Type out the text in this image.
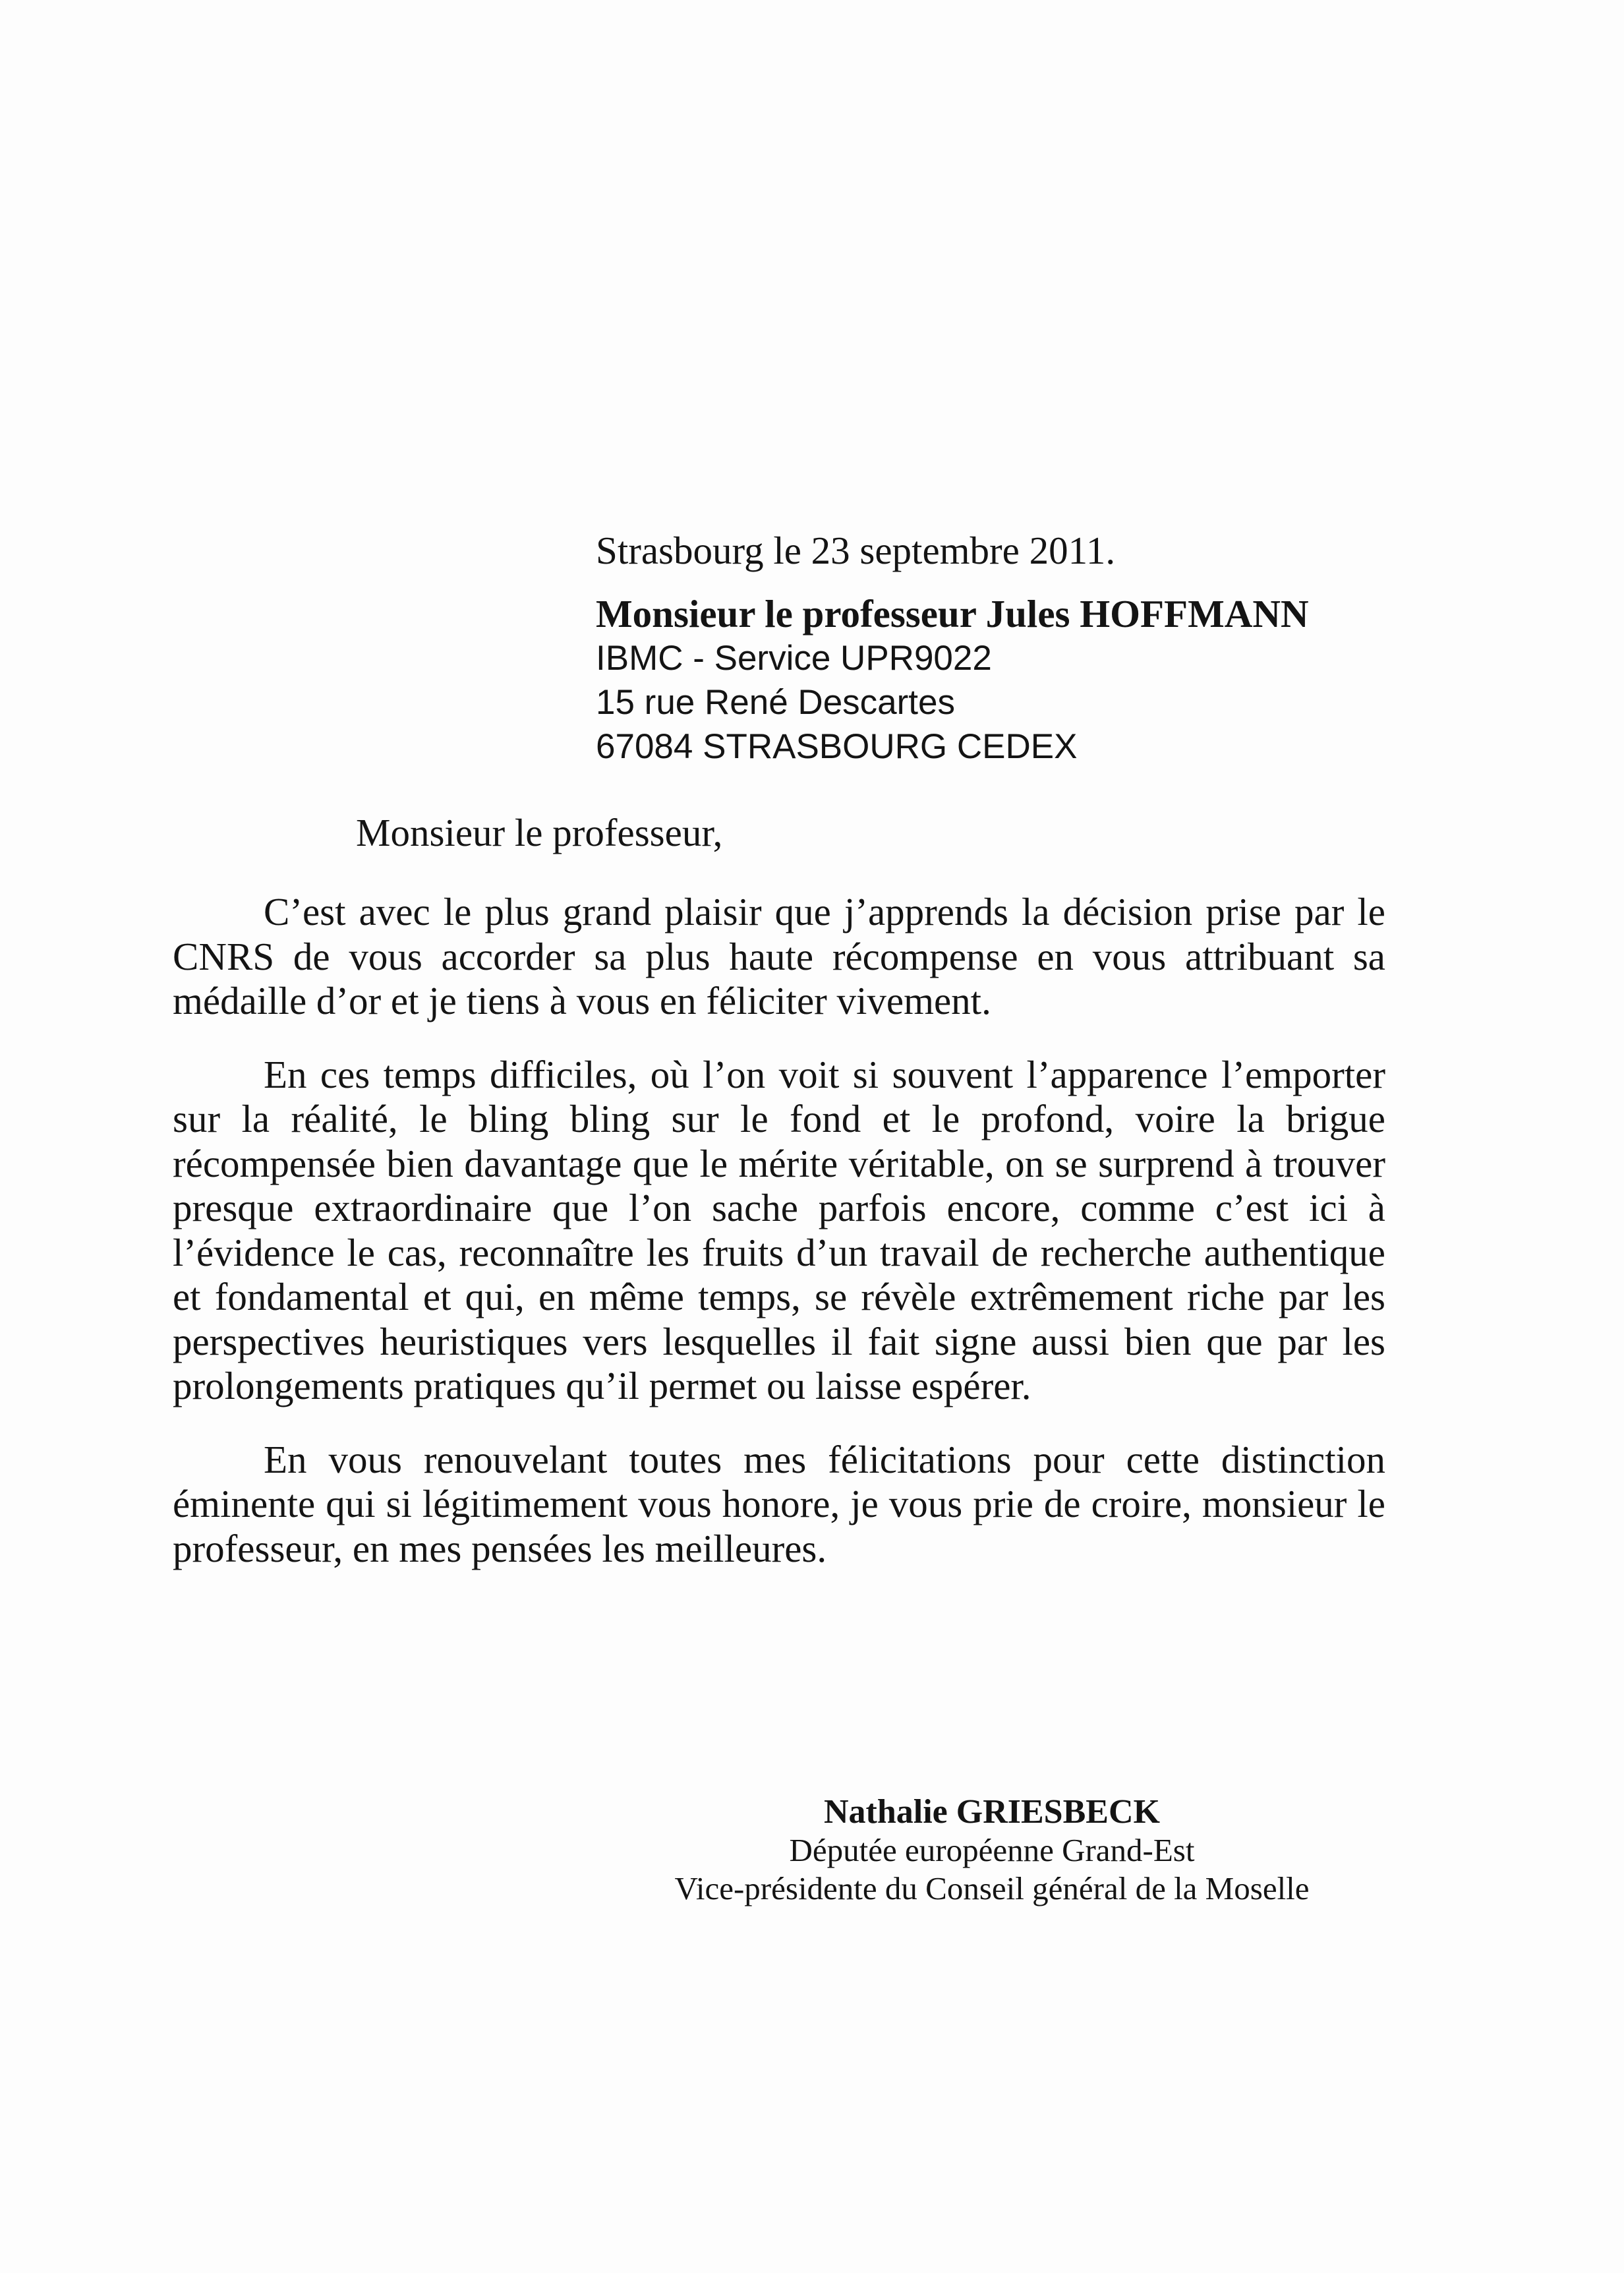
Strasbourg le 23 septembre 2011.
Monsieur le professeur Jules HOFFMANN
IBMC - Service UPR9022
15 rue René Descartes
67084 STRASBOURG CEDEX
Monsieur le professeur,

C’est avec le plus grand plaisir que j’apprends la décision prise par le CNRS de vous accorder sa plus haute récompense en vous attribuant sa médaille d’or et je tiens à vous en féliciter vivement.

En ces temps difficiles, où l’on voit si souvent l’apparence l’emporter sur la réalité, le bling bling sur le fond et le profond, voire la brigue récompensée bien davantage que le mérite véritable, on se surprend à trouver presque extraordinaire que l’on sache parfois encore, comme c’est ici à l’évidence le cas, reconnaître les fruits d’un travail de recherche authentique et fondamental et qui, en même temps, se révèle extrêmement riche par les perspectives heuristiques vers lesquelles il fait signe aussi bien que par les prolongements pratiques qu’il permet ou laisse espérer.

En vous renouvelant toutes mes félicitations pour cette distinction éminente qui si légitimement vous honore, je vous prie de croire, monsieur le professeur, en mes pensées les meilleures.

Nathalie GRIESBECK
Députée européenne Grand-Est
Vice-présidente du Conseil général de la Moselle
